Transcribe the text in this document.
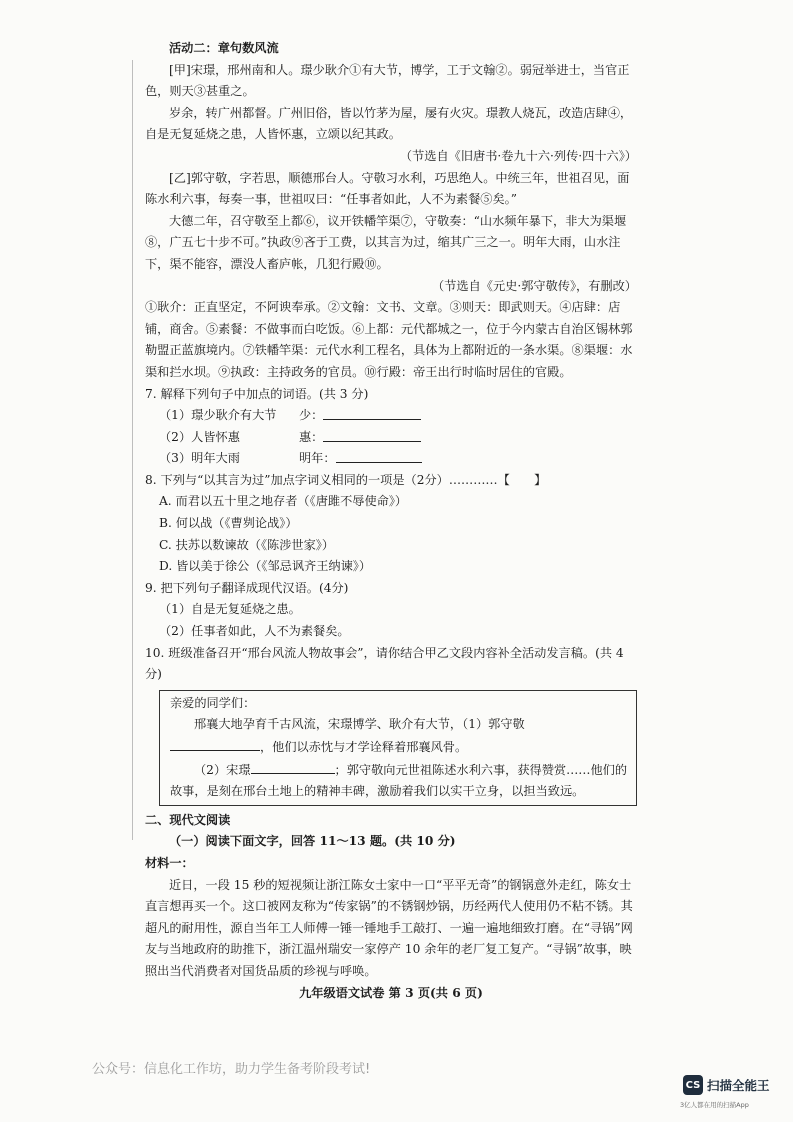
活动二：章句数风流

[甲]宋璟，邢州南和人。璟少耿介①有大节，博学，工于文翰②。弱冠举进士，当官正色，则天③甚重之。

岁余，转广州都督。广州旧俗，皆以竹茅为屋，屡有火灾。璟教人烧瓦，改造店肆④，自是无复延烧之患，人皆怀惠，立颂以纪其政。

（节选自《旧唐书·卷九十六·列传·四十六》）

[乙]郭守敬，字若思，顺德邢台人。守敬习水利，巧思绝人。中统三年，世祖召见，面陈水利六事，每奏一事，世祖叹曰：“任事者如此，人不为素餐⑤矣。”

大德二年，召守敬至上都⑥，议开铁幡竿渠⑦，守敬奏：“山水频年暴下，非大为渠堰⑧，广五七十步不可。”执政⑨吝于工费，以其言为过，缩其广三之一。明年大雨，山水注下，渠不能容，漂没人畜庐帐，几犯行殿⑩。

（节选自《元史·郭守敬传》，有删改）

①耿介：正直坚定，不阿谀奉承。②文翰：文书、文章。③则天：即武则天。④店肆：店铺，商舍。⑤素餐：不做事而白吃饭。⑥上都：元代都城之一，位于今内蒙古自治区锡林郭勒盟正蓝旗境内。⑦铁幡竿渠：元代水利工程名，具体为上都附近的一条水渠。⑧渠堰：水渠和拦水坝。⑨执政：主持政务的官员。⑩行殿：帝王出行时临时居住的官殿。

7. 解释下列句子中加点的词语。(共 3 分)

（1）璟少耿介有大节	少：
（2）人皆怀惠	惠：
（3）明年大雨	明年：

8. 下列与“以其言为过”加点字词义相同的一项是（2分）…………【　　】

A. 而君以五十里之地存者（《唐雎不辱使命》）

B. 何以战（《曹刿论战》）

C. 扶苏以数谏故（《陈涉世家》）

D. 皆以美于徐公（《邹忌讽齐王纳谏》）

9. 把下列句子翻译成现代汉语。(4分)

（1）自是无复延烧之患。

（2）任事者如此，人不为素餐矣。

10. 班级准备召开“邢台风流人物故事会”，请你结合甲乙文段内容补全活动发言稿。(共 4 分)

亲爱的同学们：

邢襄大地孕育千古风流，宋璟博学、耿介有大节，（1）郭守敬

，他们以赤忱与才学诠释着邢襄风骨。

（2）宋璟	；郭守敬向元世祖陈述水利六事，获得赞赏……他们的故事，是刻在邢台土地上的精神丰碑，激励着我们以实干立身，以担当致远。

二、现代文阅读

（一）阅读下面文字，回答 11～13 题。(共 10 分)

材料一：

近日，一段 15 秒的短视频让浙江陈女士家中一口“平平无奇”的钢锅意外走红，陈女士直言想再买一个。这口被网友称为“传家锅”的不锈钢炒锅，历经两代人使用仍不粘不锈。其超凡的耐用性，源自当年工人师傅一锤一锤地手工敲打、一遍一遍地细致打磨。在“寻锅”网友与当地政府的助推下，浙江温州瑞安一家停产 10 余年的老厂复工复产。“寻锅”故事，映照出当代消费者对国货品质的珍视与呼唤。

九年级语文试卷 第 3 页(共 6 页)

公众号：信息化工作坊，助力学生备考阶段考试!
CS 扫描全能王
3亿人都在用的扫描App
